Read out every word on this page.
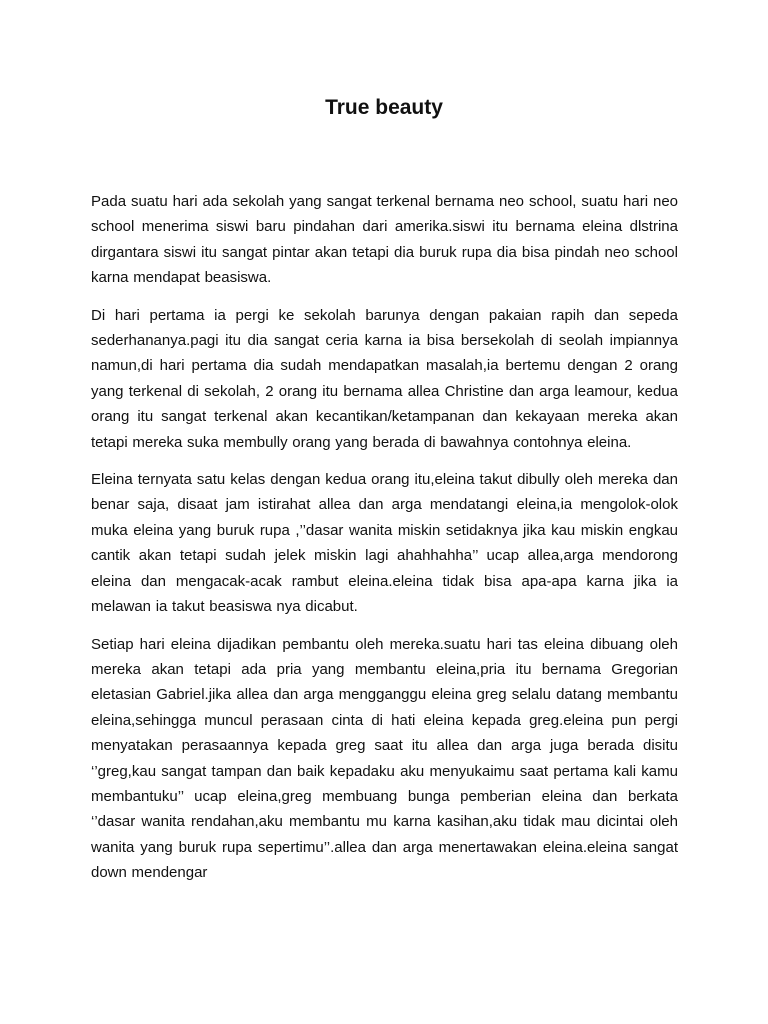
True beauty

Pada suatu hari ada sekolah yang sangat terkenal bernama neo school, suatu hari neo school menerima siswi baru pindahan dari amerika.siswi itu bernama eleina dlstrina dirgantara siswi itu sangat pintar akan tetapi dia buruk rupa dia bisa pindah neo school karna mendapat beasiswa.

Di hari pertama ia pergi ke sekolah barunya dengan pakaian rapih dan sepeda sederhananya.pagi itu dia sangat ceria karna ia bisa bersekolah di seolah impiannya namun,di hari pertama dia sudah mendapatkan masalah,ia bertemu dengan 2 orang yang terkenal di sekolah, 2 orang itu bernama allea Christine dan arga leamour, kedua orang itu sangat terkenal akan kecantikan/ketampanan dan kekayaan mereka akan tetapi mereka suka membully orang yang berada di bawahnya contohnya eleina.

Eleina ternyata satu kelas dengan kedua orang itu,eleina takut dibully oleh mereka dan benar saja, disaat jam istirahat allea dan arga mendatangi eleina,ia mengolok-olok muka eleina yang buruk rupa ,’’dasar wanita miskin setidaknya jika kau miskin engkau cantik akan tetapi sudah jelek miskin lagi ahahhahha’’ ucap allea,arga mendorong eleina dan mengacak-acak rambut eleina.eleina tidak bisa apa-apa karna jika ia melawan ia takut beasiswa nya dicabut.

Setiap hari eleina dijadikan pembantu oleh mereka.suatu hari tas eleina dibuang oleh mereka akan tetapi ada pria yang membantu eleina,pria itu bernama Gregorian eletasian Gabriel.jika allea dan arga mengganggu eleina greg selalu datang membantu eleina,sehingga muncul perasaan cinta di hati eleina kepada greg.eleina pun pergi menyatakan perasaannya kepada greg saat itu allea dan arga juga berada disitu ‘’greg,kau sangat tampan dan baik kepadaku aku menyukaimu saat pertama kali kamu membantuku’’ ucap eleina,greg membuang bunga pemberian eleina dan berkata ‘’dasar wanita rendahan,aku membantu mu karna kasihan,aku tidak mau dicintai oleh wanita yang buruk rupa sepertimu’’.allea dan arga menertawakan eleina.eleina sangat down mendengar
